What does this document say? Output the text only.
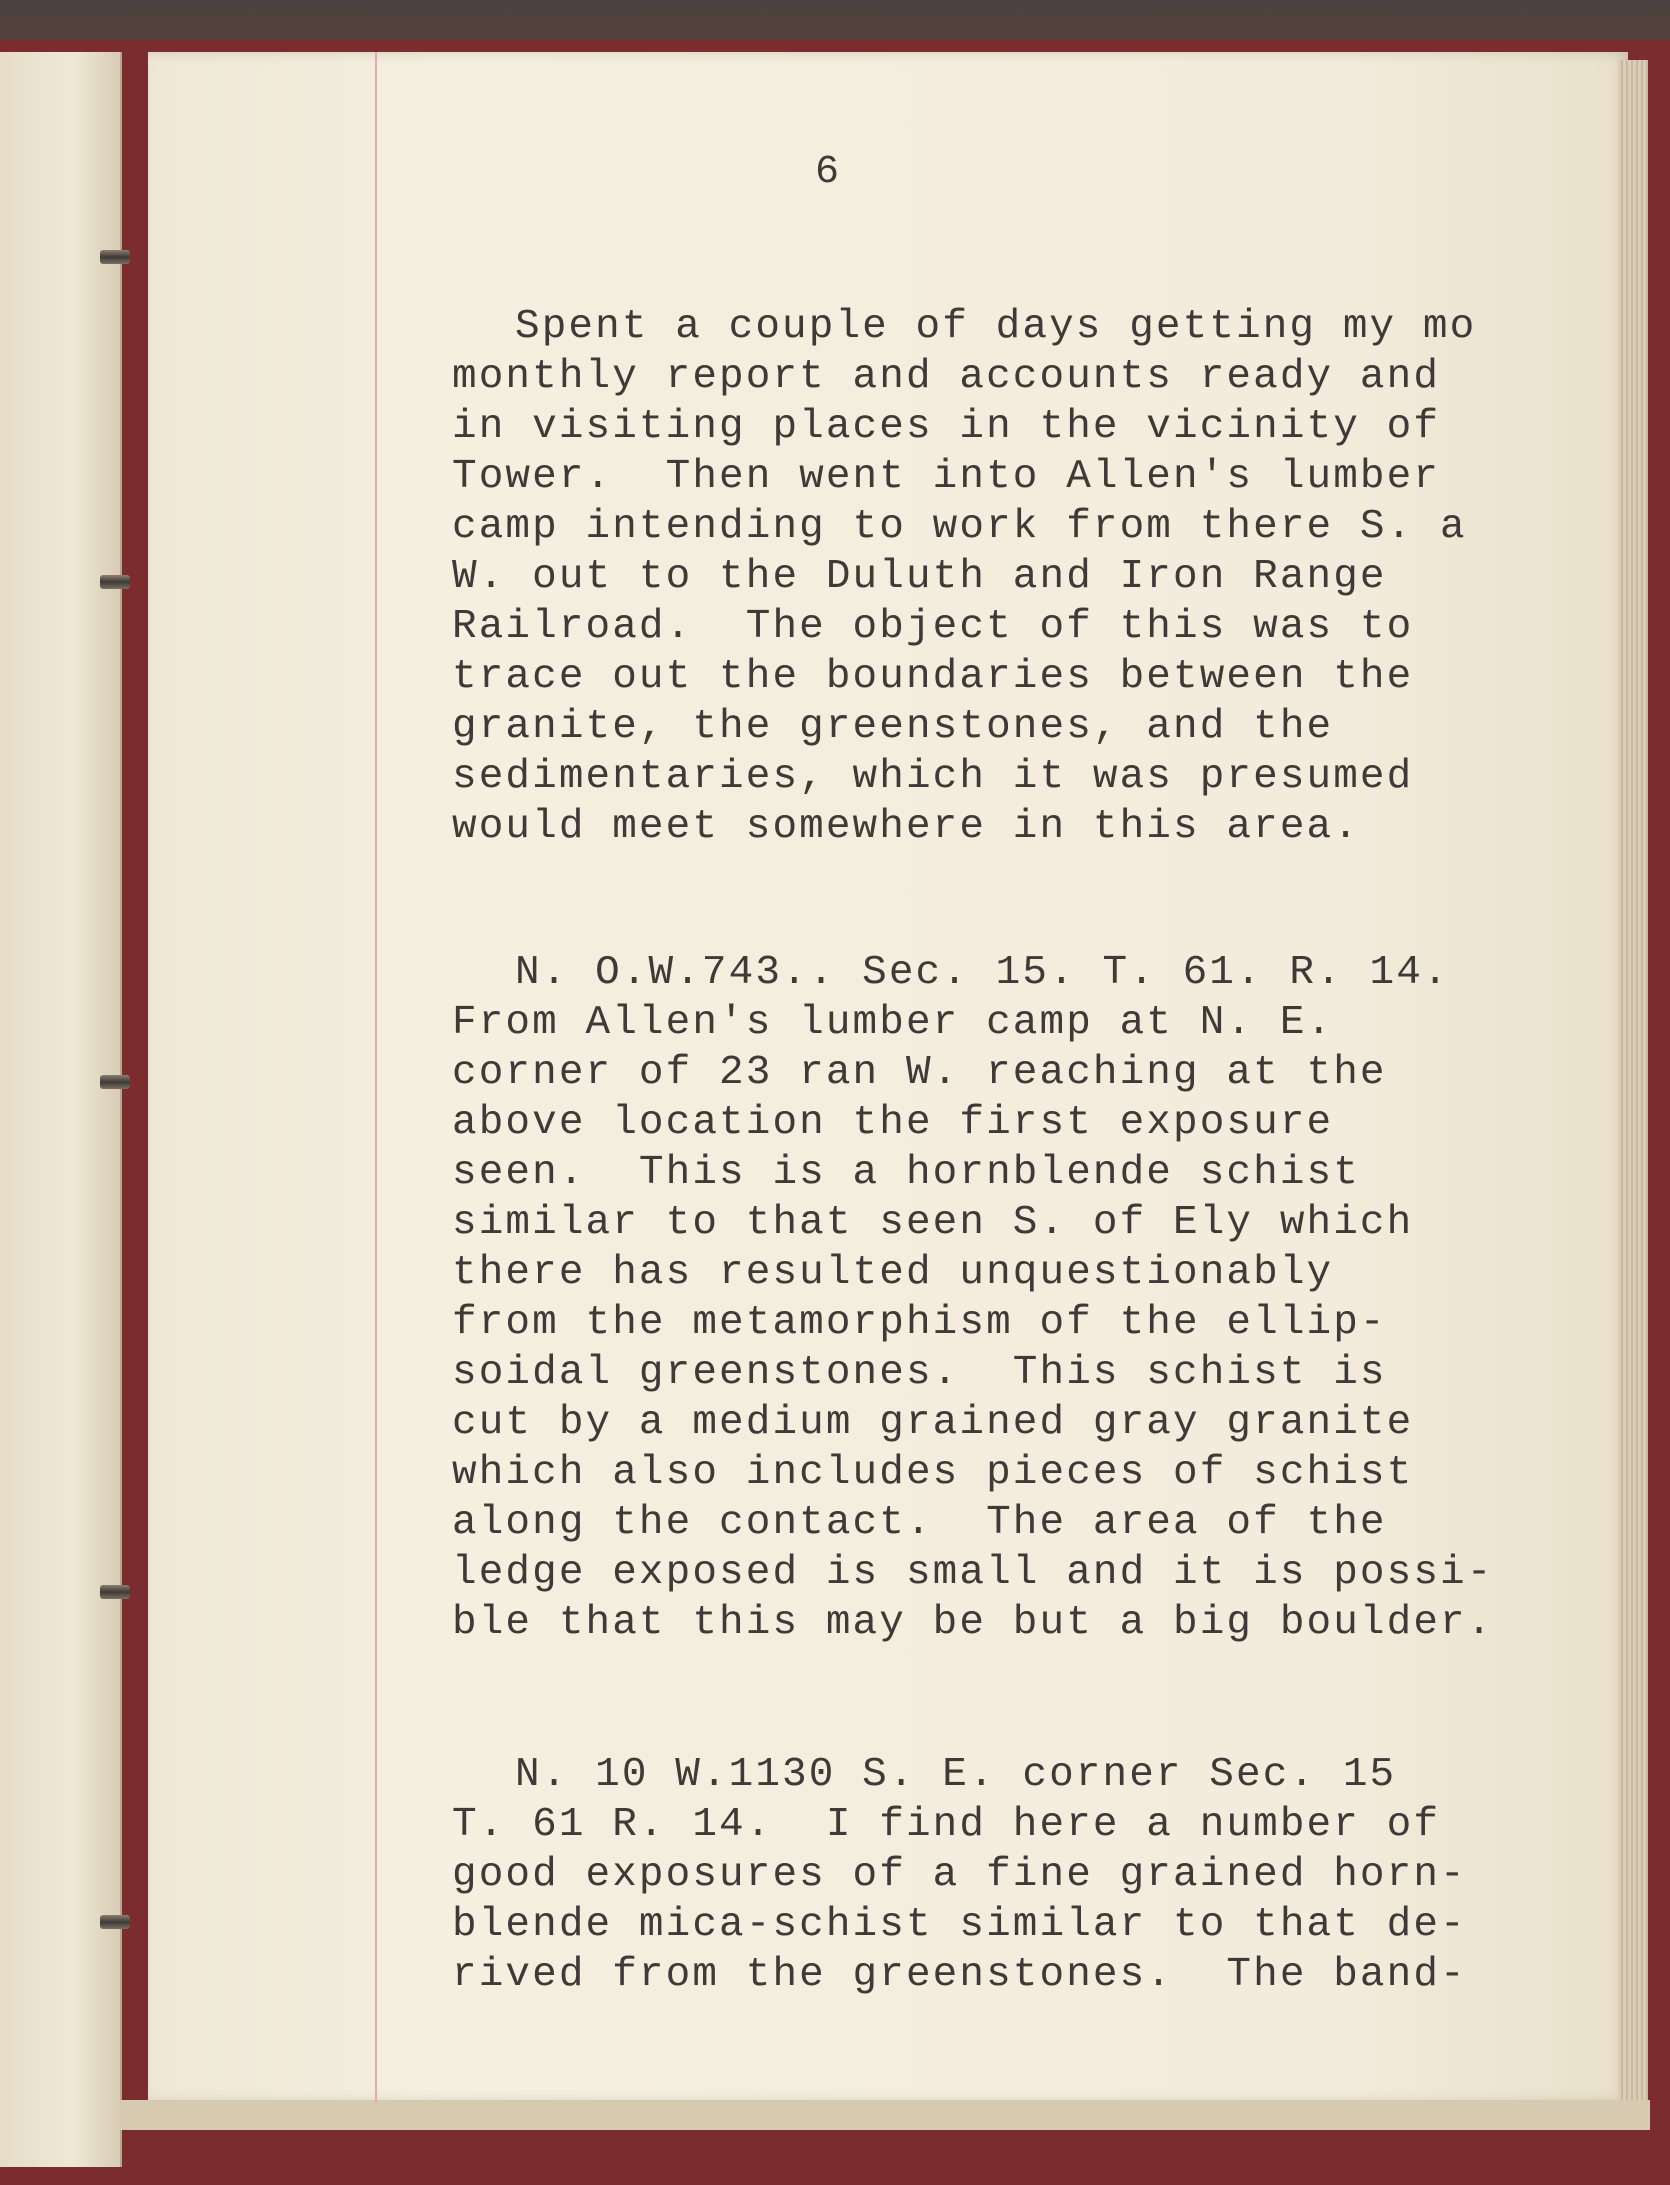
6

Spent a couple of days getting my mo

monthly report and accounts ready and

in visiting places in the vicinity of

Tower.  Then went into Allen's lumber

camp intending to work from there S. a

W. out to the Duluth and Iron Range

Railroad.  The object of this was to

trace out the boundaries between the

granite, the greenstones, and the

sedimentaries, which it was presumed

would meet somewhere in this area.

N. O.W.743.. Sec. 15. T. 61. R. 14.

From Allen's lumber camp at N. E.

corner of 23 ran W. reaching at the

above location the first exposure

seen.  This is a hornblende schist

similar to that seen S. of Ely which

there has resulted unquestionably

from the metamorphism of the ellip-

soidal greenstones.  This schist is

cut by a medium grained gray granite

which also includes pieces of schist

along the contact.  The area of the

ledge exposed is small and it is possi-

ble that this may be but a big boulder.

N. 10 W.1130 S. E. corner Sec. 15

T. 61 R. 14.  I find here a number of

good exposures of a fine grained horn-

blende mica-schist similar to that de-

rived from the greenstones.  The band-
